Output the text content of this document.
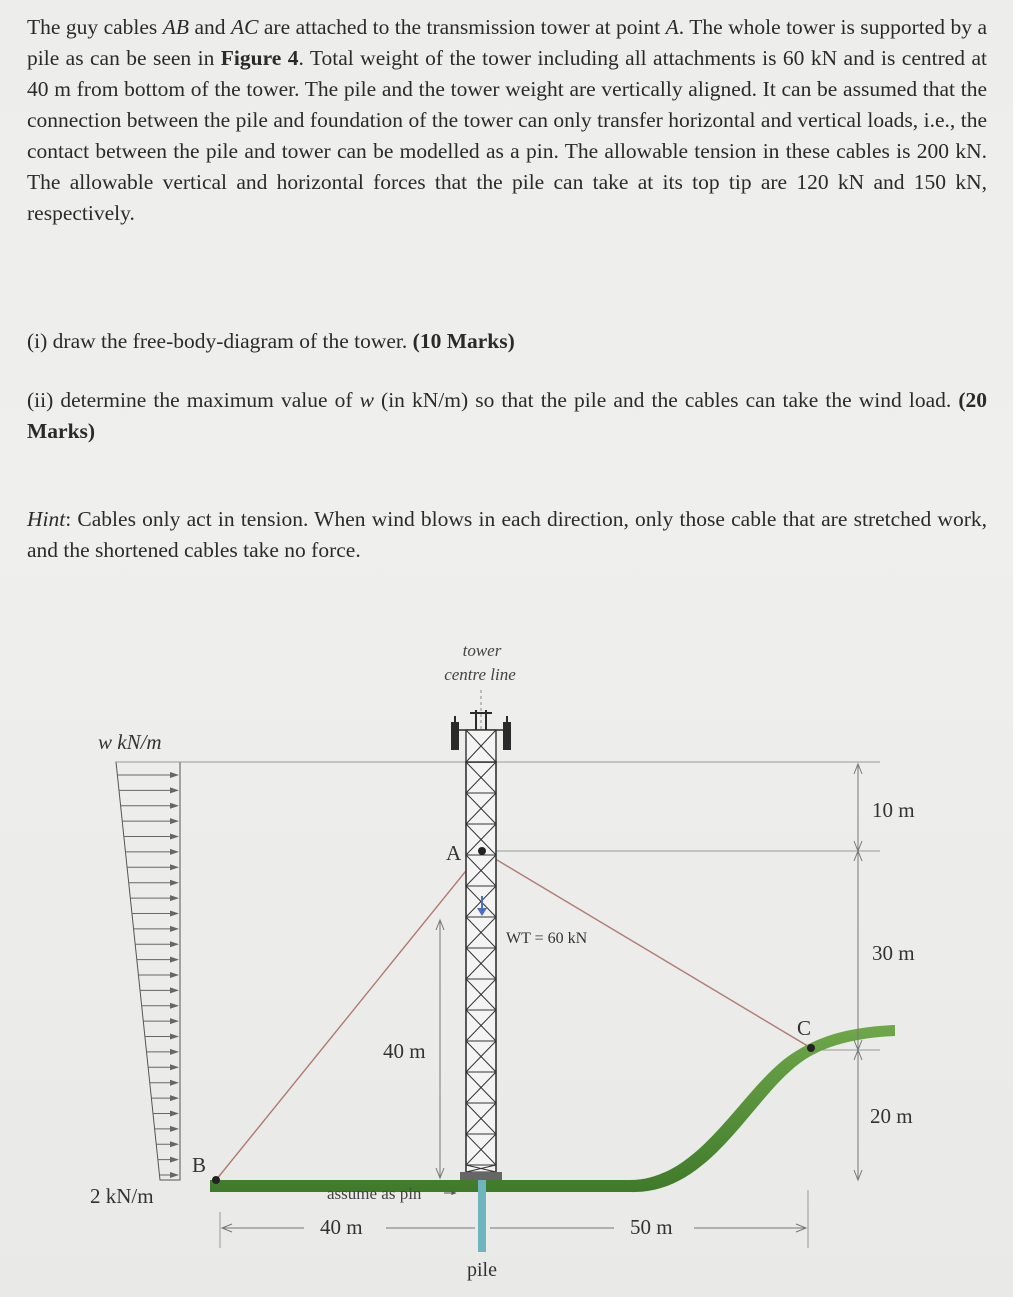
The guy cables AB and AC are attached to the transmission tower at point A. The whole tower is supported by a pile as can be seen in Figure 4. Total weight of the tower including all attachments is 60 kN and is centred at 40 m from bottom of the tower. The pile and the tower weight are vertically aligned. It can be assumed that the connection between the pile and foundation of the tower can only transfer horizontal and vertical loads, i.e., the contact between the pile and tower can be modelled as a pin. The allowable tension in these cables is 200 kN. The allowable vertical and horizontal forces that the pile can take at its top tip are 120 kN and 150 kN, respectively.

(i) draw the free-body-diagram of the tower. (10 Marks)

(ii) determine the maximum value of w (in kN/m) so that the pile and the cables can take the wind load. (20 Marks)

Hint: Cables only act in tension. When wind blows in each direction, only those cable that are stretched work, and the shortened cables take no force.

tower
centre line
w kN/m
2 kN/m
pile
A
WT = 60 kN
B
C
40 m
10 m
30 m
20 m
40 m	50 m
assume as pin
